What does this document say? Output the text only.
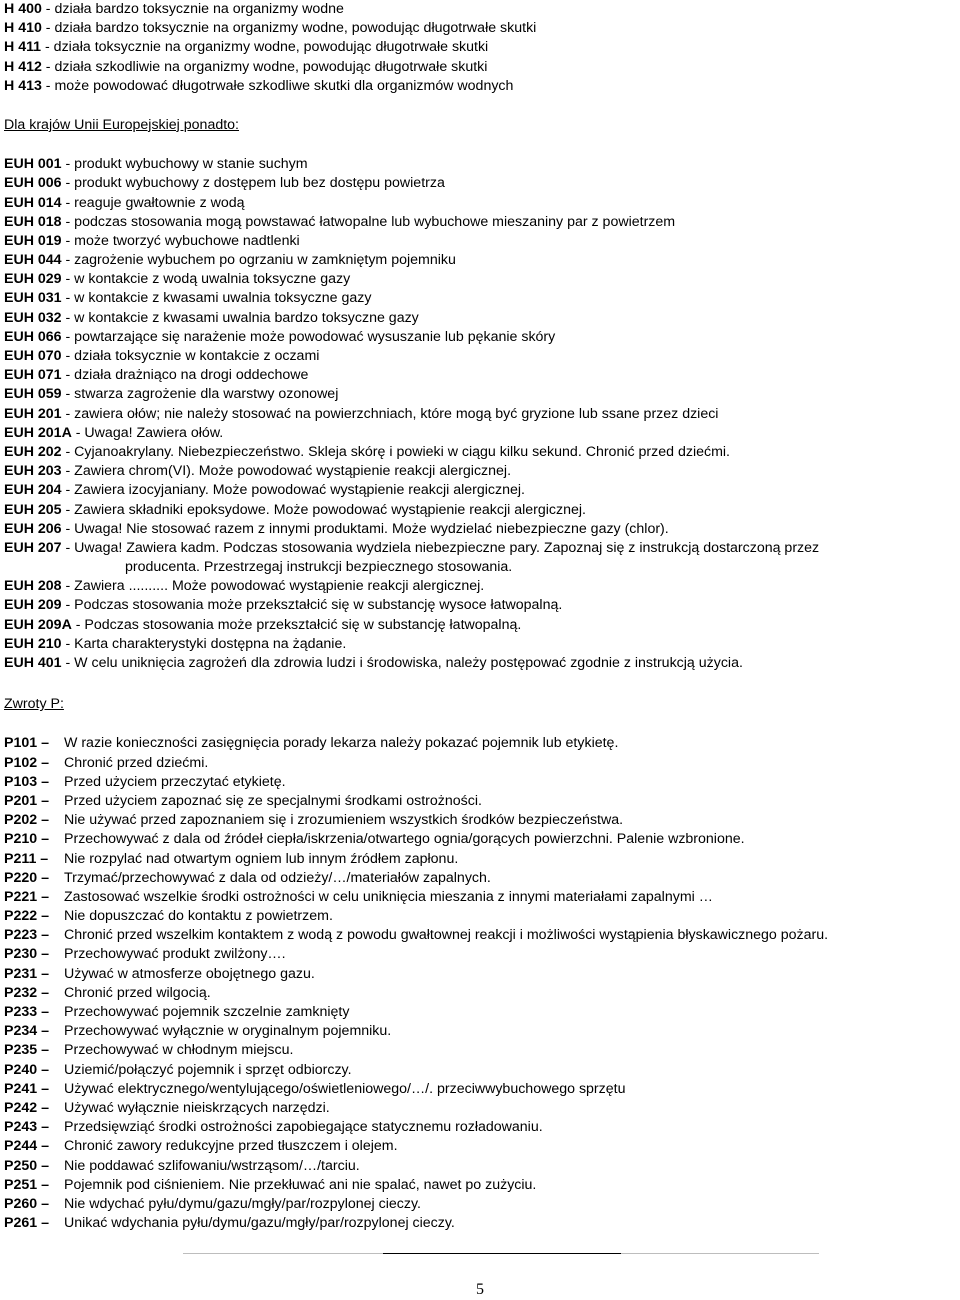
H 400 - działa bardzo toksycznie na organizmy wodne
H 410 - działa bardzo toksycznie na organizmy wodne, powodując długotrwałe skutki
H 411 - działa toksycznie na organizmy wodne, powodując długotrwałe skutki
H 412 - działa szkodliwie na organizmy wodne, powodując długotrwałe skutki
H 413 - może powodować długotrwałe szkodliwe skutki dla organizmów wodnych
Dla krajów Unii Europejskiej ponadto:
EUH 001 - produkt wybuchowy w stanie suchym
EUH 006 - produkt wybuchowy z dostępem lub bez dostępu powietrza
EUH 014 - reaguje gwałtownie z wodą
EUH 018 - podczas stosowania mogą powstawać łatwopalne lub wybuchowe mieszaniny par z powietrzem
EUH 019 - może tworzyć wybuchowe nadtlenki
EUH 044 - zagrożenie wybuchem po ogrzaniu w zamkniętym pojemniku
EUH 029 - w kontakcie z wodą uwalnia toksyczne gazy
EUH 031 - w kontakcie z kwasami uwalnia toksyczne gazy
EUH 032 - w kontakcie z kwasami uwalnia bardzo toksyczne gazy
EUH 066 - powtarzające się narażenie może powodować wysuszanie lub pękanie skóry
EUH 070 - działa toksycznie w kontakcie z oczami
EUH 071 - działa drażniąco na drogi oddechowe
EUH 059 - stwarza zagrożenie dla warstwy ozonowej
EUH 201 - zawiera ołów; nie należy stosować na powierzchniach, które mogą być gryzione lub ssane przez dzieci
EUH 201A - Uwaga! Zawiera ołów.
EUH 202 - Cyjanoakrylany. Niebezpieczeństwo. Skleja skórę i powieki w ciągu kilku sekund. Chronić przed dziećmi.
EUH 203 - Zawiera chrom(VI). Może powodować wystąpienie reakcji alergicznej.
EUH 204 - Zawiera izocyjaniany. Może powodować wystąpienie reakcji alergicznej.
EUH 205 - Zawiera składniki epoksydowe. Może powodować wystąpienie reakcji alergicznej.
EUH 206 - Uwaga! Nie stosować razem z innymi produktami. Może wydzielać niebezpieczne gazy (chlor).
EUH 207 - Uwaga! Zawiera kadm. Podczas stosowania wydziela niebezpieczne pary. Zapoznaj się z instrukcją dostarczoną przez
producenta. Przestrzegaj instrukcji bezpiecznego stosowania.
EUH 208 - Zawiera .......... Może powodować wystąpienie reakcji alergicznej.
EUH 209 - Podczas stosowania może przekształcić się w substancję wysoce łatwopalną.
EUH 209A - Podczas stosowania może przekształcić się w substancję łatwopalną.
EUH 210 - Karta charakterystyki dostępna na żądanie.
EUH 401 - W celu uniknięcia zagrożeń dla zdrowia ludzi i środowiska, należy postępować zgodnie z instrukcją użycia.
Zwroty P:
P101 –	W razie konieczności zasięgnięcia porady lekarza należy pokazać pojemnik lub etykietę.
P102 –	Chronić przed dziećmi.
P103 –	Przed użyciem przeczytać etykietę.
P201 –	Przed użyciem zapoznać się ze specjalnymi środkami ostrożności.
P202 –	Nie używać przed zapoznaniem się i zrozumieniem wszystkich środków bezpieczeństwa.
P210 –	Przechowywać z dala od źródeł ciepła/iskrzenia/otwartego ognia/gorących powierzchni. Palenie wzbronione.
P211 –	Nie rozpylać nad otwartym ogniem lub innym źródłem zapłonu.
P220 –	Trzymać/przechowywać z dala od odzieży/…/materiałów zapalnych.
P221 –	Zastosować wszelkie środki ostrożności w celu uniknięcia mieszania z innymi materiałami zapalnymi …
P222 –	Nie dopuszczać do kontaktu z powietrzem.
P223 –	Chronić przed wszelkim kontaktem z wodą z powodu gwałtownej reakcji i możliwości wystąpienia błyskawicznego pożaru.
P230 –	Przechowywać produkt zwilżony….
P231 –	Używać w atmosferze obojętnego gazu.
P232 –	Chronić przed wilgocią.
P233 –	Przechowywać pojemnik szczelnie zamknięty
P234 –	Przechowywać wyłącznie w oryginalnym pojemniku.
P235 –	Przechowywać w chłodnym miejscu.
P240 –	Uziemić/połączyć pojemnik i sprzęt odbiorczy.
P241 –	Używać elektrycznego/wentylującego/oświetleniowego/…/. przeciwwybuchowego sprzętu
P242 –	Używać wyłącznie nieiskrzących narzędzi.
P243 –	Przedsięwziąć środki ostrożności zapobiegające statycznemu rozładowaniu.
P244 –	Chronić zawory redukcyjne przed tłuszczem i olejem.
P250 –	Nie poddawać szlifowaniu/wstrząsom/…/tarciu.
P251 –	Pojemnik pod ciśnieniem. Nie przekłuwać ani nie spalać, nawet po zużyciu.
P260 –	Nie wdychać pyłu/dymu/gazu/mgły/par/rozpylonej cieczy.
P261 –	Unikać wdychania pyłu/dymu/gazu/mgły/par/rozpylonej cieczy.
5
